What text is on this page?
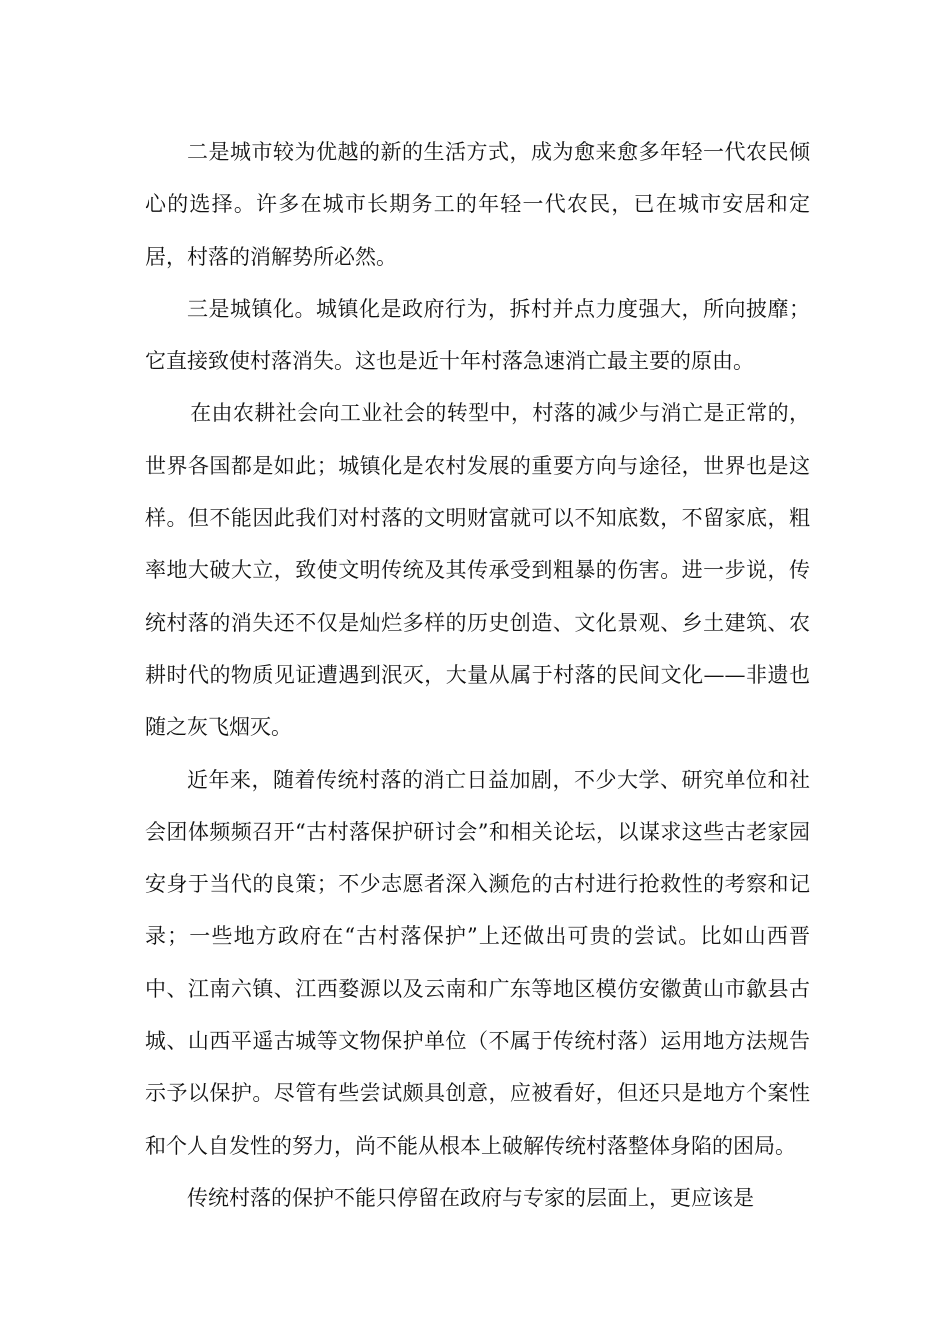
二是城市较为优越的新的生活方式，成为愈来愈多年轻一代农民倾心的选择。许多在城市长期务工的年轻一代农民，已在城市安居和定居，村落的消解势所必然。

三是城镇化。城镇化是政府行为，拆村并点力度强大，所向披靡；它直接致使村落消失。这也是近十年村落急速消亡最主要的原由。

在由农耕社会向工业社会的转型中，村落的减少与消亡是正常的，世界各国都是如此；城镇化是农村发展的重要方向与途径，世界也是这样。但不能因此我们对村落的文明财富就可以不知底数，不留家底，粗率地大破大立，致使文明传统及其传承受到粗暴的伤害。进一步说，传统村落的消失还不仅是灿烂多样的历史创造、文化景观、乡土建筑、农耕时代的物质见证遭遇到泯灭，大量从属于村落的民间文化——非遗也随之灰飞烟灭。

近年来，随着传统村落的消亡日益加剧，不少大学、研究单位和社会团体频频召开“古村落保护研讨会”和相关论坛，以谋求这些古老家园安身于当代的良策；不少志愿者深入濒危的古村进行抢救性的考察和记录；一些地方政府在“古村落保护”上还做出可贵的尝试。比如山西晋中、江南六镇、江西婺源以及云南和广东等地区模仿安徽黄山市歙县古城、山西平遥古城等文物保护单位（不属于传统村落）运用地方法规告示予以保护。尽管有些尝试颇具创意，应被看好，但还只是地方个案性和个人自发性的努力，尚不能从根本上破解传统村落整体身陷的困局。

传统村落的保护不能只停留在政府与专家的层面上，更应该是
